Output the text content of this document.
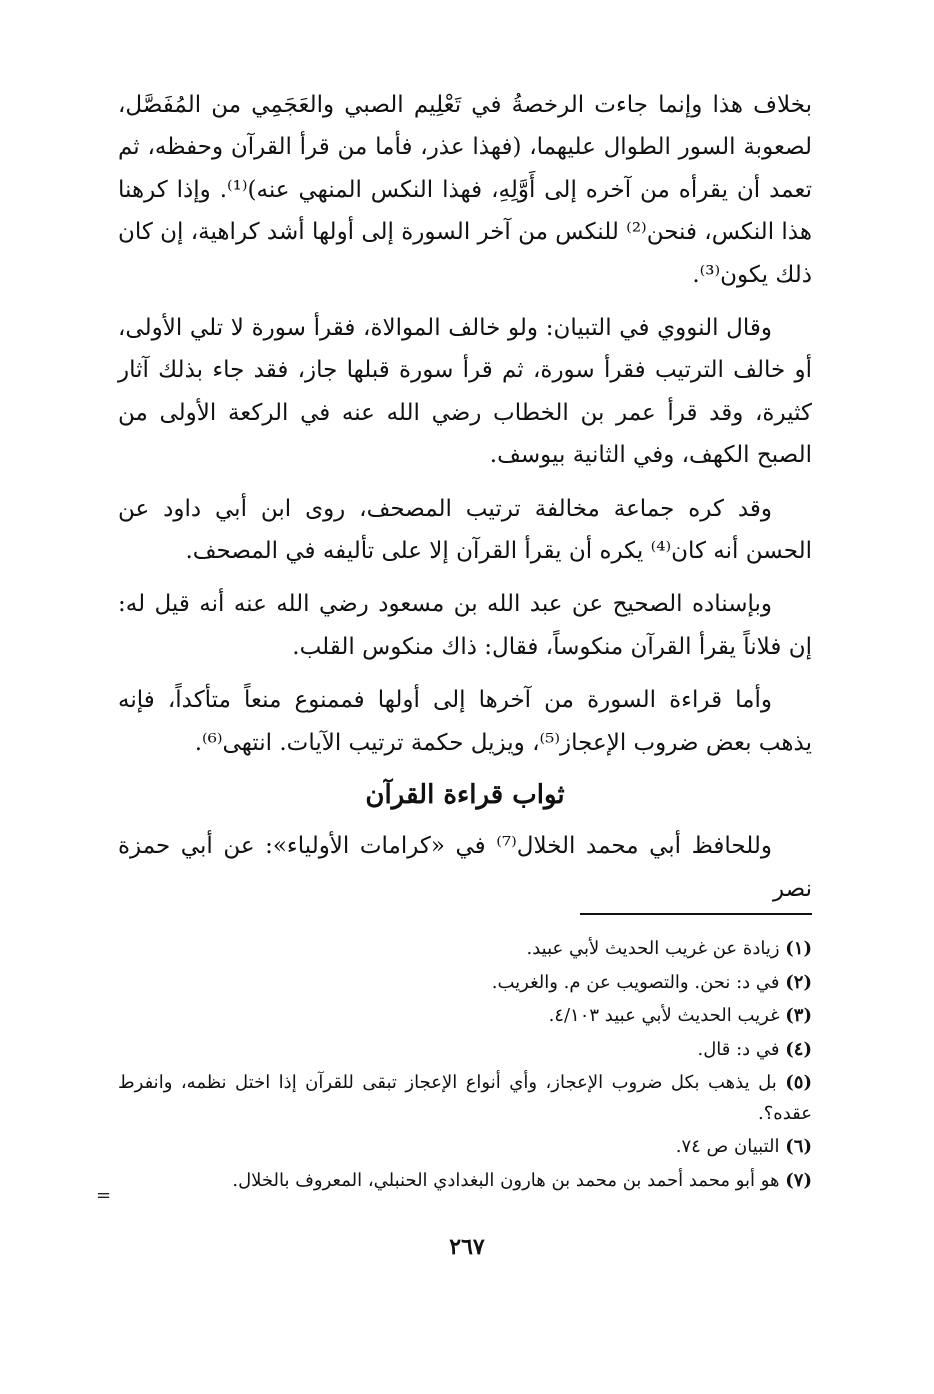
بخلاف هذا وإنما جاءت الرخصةُ في تَعْلِيم الصبي والعَجَمِي من المُفَصَّل، لصعوبة السور الطوال عليهما، (فهذا عذر، فأما من قرأ القرآن وحفظه، ثم تعمد أن يقرأه من آخره إلى أَوَّلِهِ، فهذا النكس المنهي عنه)⁽¹⁾. وإذا كرهنا هذا النكس، فنحن⁽²⁾ للنكس من آخر السورة إلى أولها أشد كراهية، إن كان ذلك يكون⁽³⁾.

وقال النووي في التبيان: ولو خالف الموالاة، فقرأ سورة لا تلي الأولى، أو خالف الترتيب فقرأ سورة، ثم قرأ سورة قبلها جاز، فقد جاء بذلك آثار كثيرة، وقد قرأ عمر بن الخطاب رضي الله عنه في الركعة الأولى من الصبح الكهف، وفي الثانية بيوسف.

وقد كره جماعة مخالفة ترتيب المصحف، روى ابن أبي داود عن الحسن أنه كان⁽⁴⁾ يكره أن يقرأ القرآن إلا على تأليفه في المصحف.

وبإسناده الصحيح عن عبد الله بن مسعود رضي الله عنه أنه قيل له: إن فلاناً يقرأ القرآن منكوساً، فقال: ذاك منكوس القلب.

وأما قراءة السورة من آخرها إلى أولها فممنوع منعاً متأكداً، فإنه يذهب بعض ضروب الإعجاز⁽⁵⁾، ويزيل حكمة ترتيب الآيات. انتهى⁽⁶⁾.

ثواب قراءة القرآن

وللحافظ أبي محمد الخلال⁽⁷⁾ في «كرامات الأولياء»: عن أبي حمزة نصر

(١) زيادة عن غريب الحديث لأبي عبيد.
(٢) في د: نحن. والتصويب عن م. والغريب.
(٣) غريب الحديث لأبي عبيد ٤/١٠٣.
(٤) في د: قال.
(٥) بل يذهب بكل ضروب الإعجاز، وأي أنواع الإعجاز تبقى للقرآن إذا اختل نظمه، وانفرط عقده؟.
(٦) التبيان ص ٧٤.
(٧) هو أبو محمد أحمد بن محمد بن هارون البغدادي الحنبلي، المعروف بالخلال.
=
٢٦٧
